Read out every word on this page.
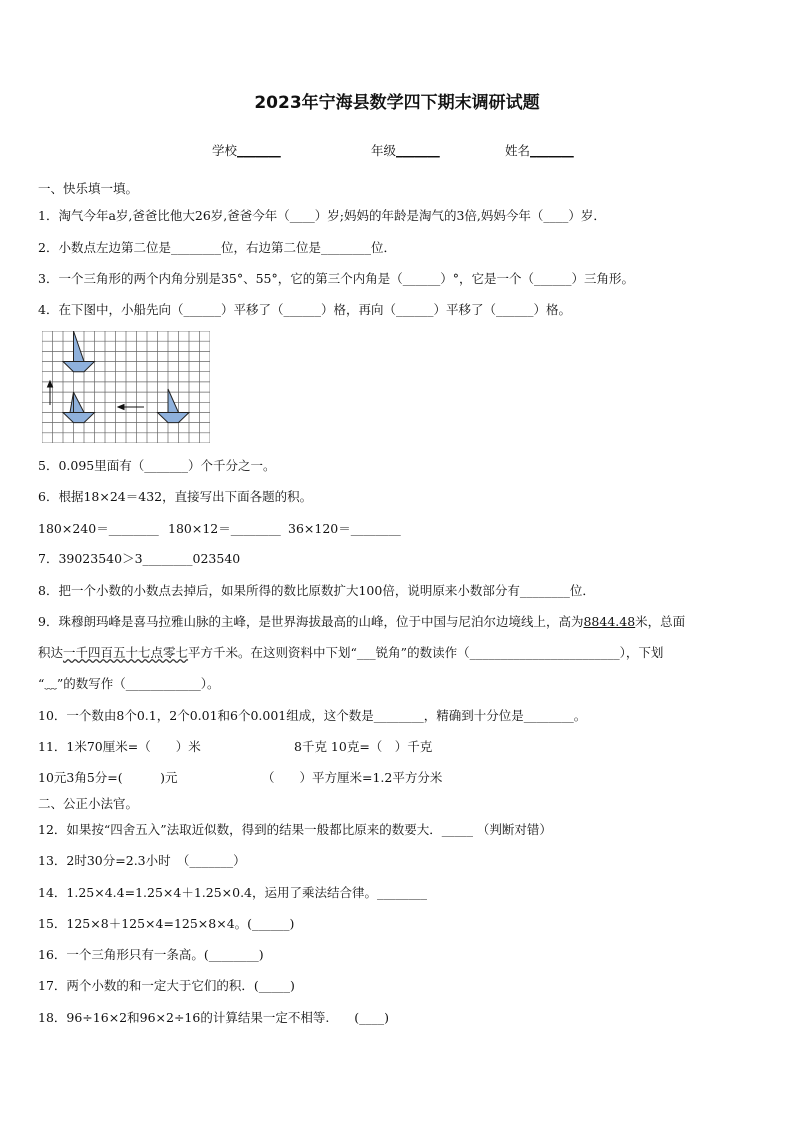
2023年宁海县数学四下期末调研试题
学校_______	年级_______	姓名_______
一、快乐填一填。
1．淘气今年a岁,爸爸比他大26岁,爸爸今年（____）岁;妈妈的年龄是淘气的3倍,妈妈今年（____）岁．
2．小数点左边第二位是________位，右边第二位是________位．
3．一个三角形的两个内角分别是35°、55°，它的第三个内角是（______）°，它是一个（______）三角形。
4．在下图中，小船先向（______）平移了（______）格，再向（______）平移了（______）格。
5．0.095里面有（_______）个千分之一。
6．根据18×24＝432，直接写出下面各题的积。
180×240＝________ 180×12＝________ 36×120＝________
7．39023540＞3________023540
8．把一个小数的小数点去掉后，如果所得的数比原数扩大100倍，说明原来小数部分有________位．
9．珠穆朗玛峰是喜马拉雅山脉的主峰，是世界海拔最高的山峰，位于中国与尼泊尔边境线上，高为8844.48米，总面
积达一千四百五十七点零七平方千米。在这则资料中下划“___锐角”的数读作（________________________），下划
“﹏”的数写作（____________）。
10．一个数由8个0.1，2个0.01和6个0.001组成，这个数是________，精确到十分位是________。
11．1米70厘米=（　　）米	8千克 10克=（　）千克
10元3角5分=(　　　)元	（　　）平方厘米=1.2平方分米
二、公正小法官。
12．如果按“四舍五入”法取近似数，得到的结果一般都比原来的数要大．_____ （判断对错）
13．2时30分=2.3小时　（_______）
14．1.25×4.4=1.25×4＋1.25×0.4，运用了乘法结合律。________
15．125×8＋125×4=125×8×4。(______)
16．一个三角形只有一条高。(________)
17．两个小数的和一定大于它们的积．(_____)
18．96÷16×2和96×2÷16的计算结果一定不相等.　　(____)
